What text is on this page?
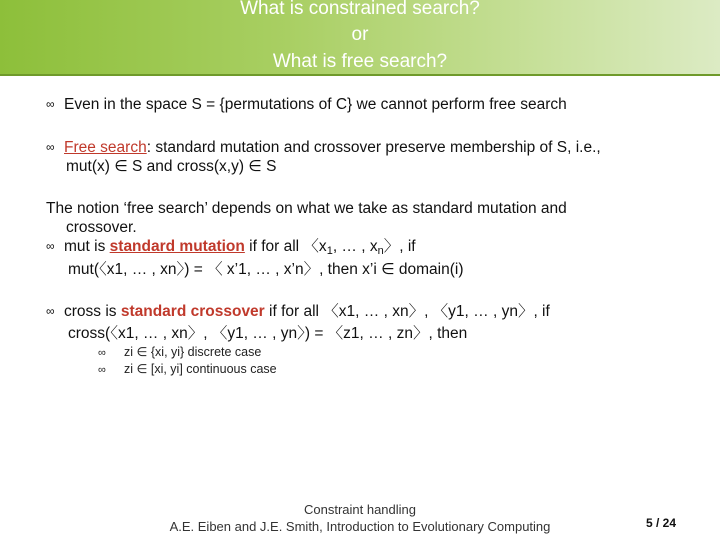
What is constrained search?
or
What is free search?
∞ Even in the space S = {permutations of C} we cannot perform free search
∞ Free search: standard mutation and crossover preserve membership of S, i.e.,
mut(x) ∈ S and cross(x,y) ∈ S
The notion ‘free search’ depends on what we take as standard mutation and
crossover.
∞ mut is standard mutation if for all 〈$x_1$, … , $x_n$〉, if
mut(〈x1, … , xn〉) = 〈 x’1, … , x’n〉, then x’i ∈ domain(i)
∞ cross is standard crossover if for all 〈x1, … , xn〉, 〈y1, … , yn〉, if
cross(〈x1, … , xn〉, 〈y1, … , yn〉) = 〈z1, … , zn〉, then
∞ zi ∈ {xi, yi} discrete case
∞ zi ∈ [xi, yi] continuous case
Constraint handling
A.E. Eiben and J.E. Smith, Introduction to Evolutionary Computing	5 / 24
